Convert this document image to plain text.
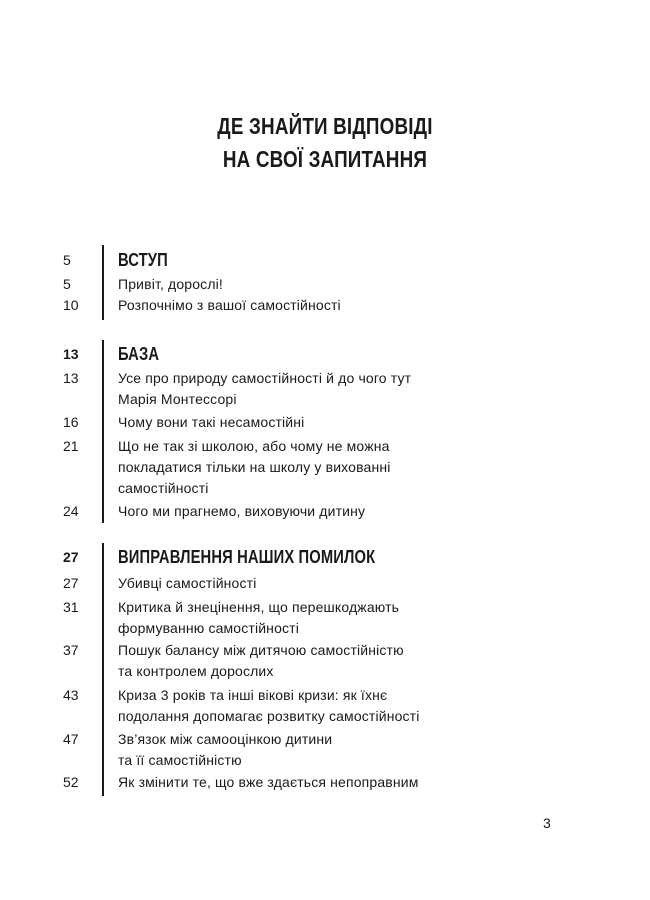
ДЕ ЗНАЙТИ ВІДПОВІДІ
НА СВОЇ ЗАПИТАННЯ
5	ВСТУП
5	Привіт, дорослі!
10	Розпочнімо з вашої самостійності
13 БАЗА
13	Усе про природу самостійності й до чого тут
Марія Монтессорі
16	Чому вони такі несамостійні
21	Що не так зі школою, або чому не можна
покладатися тільки на школу у вихованні
самостійності
24	Чого ми прагнемо, виховуючи дитину
27 ВИПРАВЛЕННЯ НАШИХ ПОМИЛОК
27	Убивці самостійності
31	Критика й знецінення, що перешкоджають
формуванню самостійності
37	Пошук балансу між дитячою самостійністю
та контролем дорослих
43	Криза 3 років та інші вікові кризи: як їхнє
подолання допомагає розвитку самостійності
47	Зв’язок між самооцінкою дитини
та її самостійністю
52	Як змінити те, що вже здається непоправним
3
